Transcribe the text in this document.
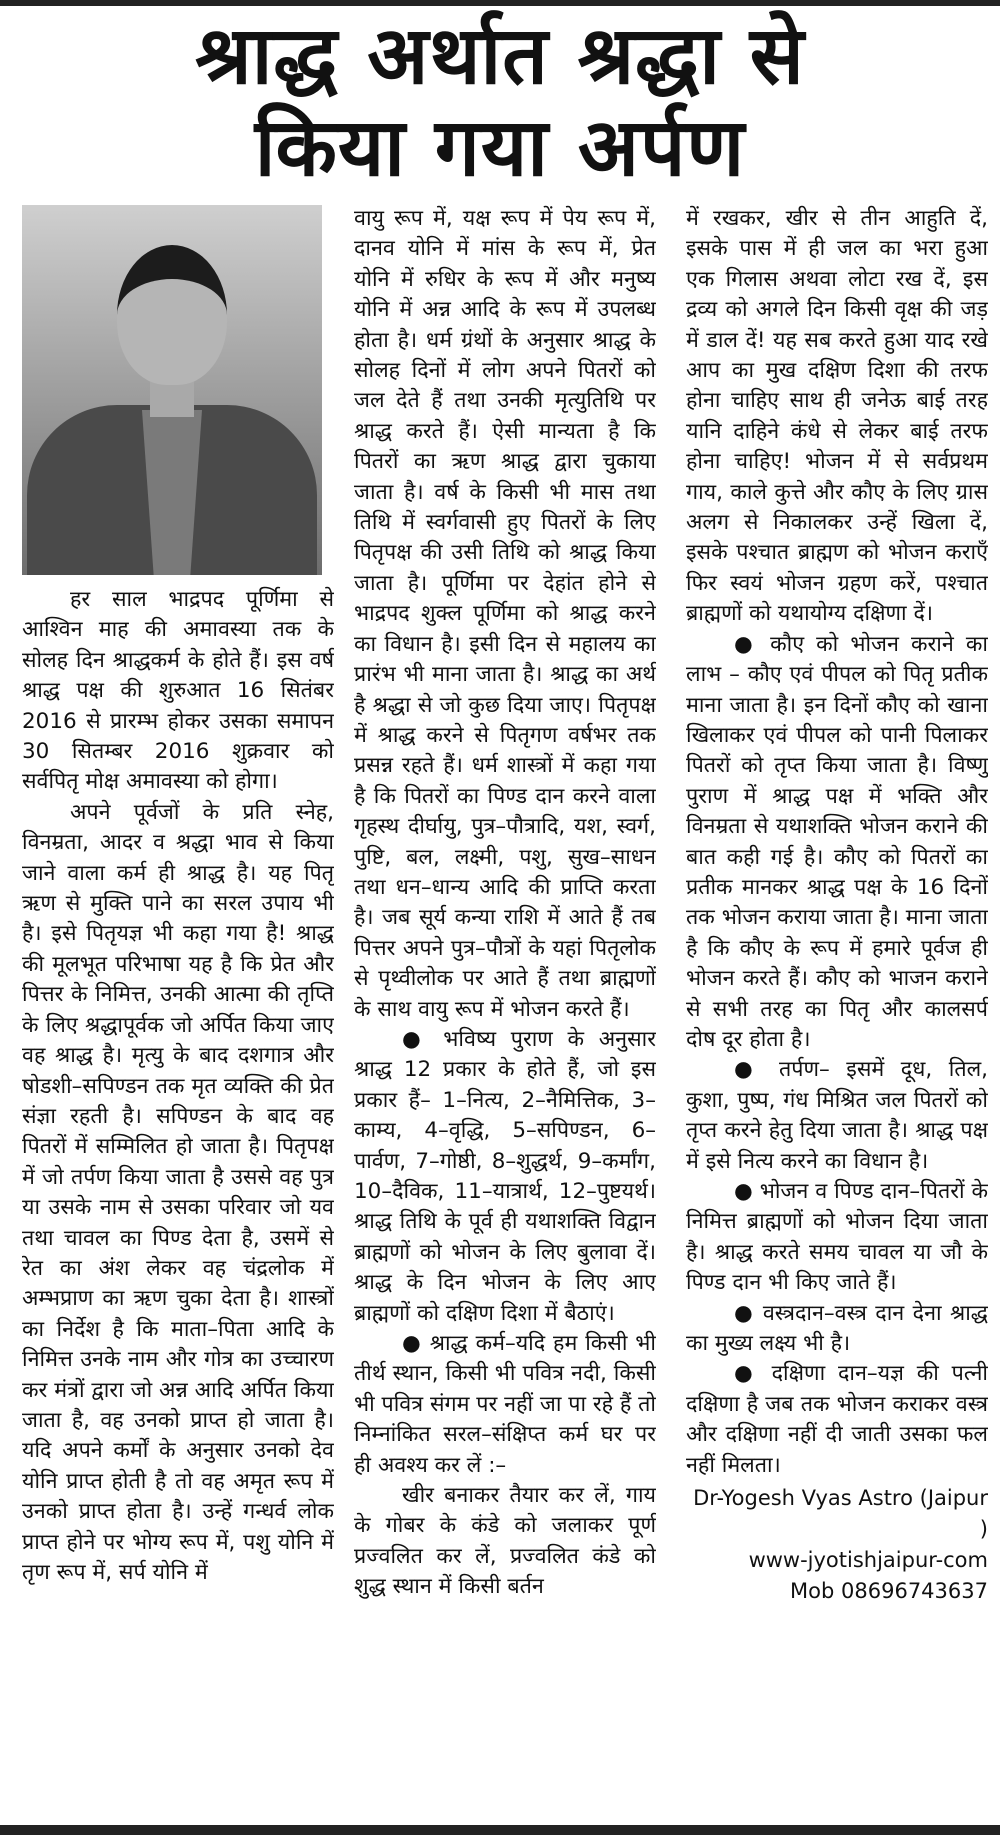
श्राद्ध अर्थात श्रद्धा से
किया गया अर्पण

हर साल भाद्रपद पूर्णिमा से आश्विन माह की अमावस्या तक के सोलह दिन श्राद्धकर्म के होते हैं। इस वर्ष श्राद्ध पक्ष की शुरुआत 16 सितंबर 2016 से प्रारम्भ होकर उसका समापन 30 सितम्बर 2016 शुक्रवार को सर्वपितृ मोक्ष अमावस्या को होगा।

अपने पूर्वजों के प्रति स्नेह, विनम्रता, आदर व श्रद्धा भाव से किया जाने वाला कर्म ही श्राद्ध है। यह पितृ ऋण से मुक्ति पाने का सरल उपाय भी है। इसे पितृयज्ञ भी कहा गया है! श्राद्ध की मूलभूत परिभाषा यह है कि प्रेत और पित्तर के निमित्त, उनकी आत्मा की तृप्ति के लिए श्रद्धापूर्वक जो अर्पित किया जाए वह श्राद्ध है। मृत्यु के बाद दशगात्र और षोडशी–सपिण्डन तक मृत व्यक्ति की प्रेत संज्ञा रहती है। सपिण्डन के बाद वह पितरों में सम्मिलित हो जाता है। पितृपक्ष में जो तर्पण किया जाता है उससे वह पुत्र या उसके नाम से उसका परिवार जो यव तथा चावल का पिण्ड देता है, उसमें से रेत का अंश लेकर वह चंद्रलोक में अम्भप्राण का ऋण चुका देता है। शास्त्रों का निर्देश है कि माता–पिता आदि के निमित्त उनके नाम और गोत्र का उच्चारण कर मंत्रों द्वारा जो अन्न आदि अर्पित किया जाता है, वह उनको प्राप्त हो जाता है। यदि अपने कर्मों के अनुसार उनको देव योनि प्राप्त होती है तो वह अमृत रूप में उनको प्राप्त होता है। उन्हें गन्धर्व लोक प्राप्त होने पर भोग्य रूप में, पशु योनि में तृण रूप में, सर्प योनि में

वायु रूप में, यक्ष रूप में पेय रूप में, दानव योनि में मांस के रूप में, प्रेत योनि में रुधिर के रूप में और मनुष्य योनि में अन्न आदि के रूप में उपलब्ध होता है। धर्म ग्रंथों के अनुसार श्राद्ध के सोलह दिनों में लोग अपने पितरों को जल देते हैं तथा उनकी मृत्युतिथि पर श्राद्ध करते हैं। ऐसी मान्यता है कि पितरों का ऋण श्राद्ध द्वारा चुकाया जाता है। वर्ष के किसी भी मास तथा तिथि में स्वर्गवासी हुए पितरों के लिए पितृपक्ष की उसी तिथि को श्राद्ध किया जाता है। पूर्णिमा पर देहांत होने से भाद्रपद शुक्ल पूर्णिमा को श्राद्ध करने का विधान है। इसी दिन से महालय का प्रारंभ भी माना जाता है। श्राद्ध का अर्थ है श्रद्धा से जो कुछ दिया जाए। पितृपक्ष में श्राद्ध करने से पितृगण वर्षभर तक प्रसन्न रहते हैं। धर्म शास्त्रों में कहा गया है कि पितरों का पिण्ड दान करने वाला गृहस्थ दीर्घायु, पुत्र–पौत्रादि, यश, स्वर्ग, पुष्टि, बल, लक्ष्मी, पशु, सुख–साधन तथा धन–धान्य आदि की प्राप्ति करता है। जब सूर्य कन्या राशि में आते हैं तब पित्तर अपने पुत्र–पौत्रों के यहां पितृलोक से पृथ्वीलोक पर आते हैं तथा ब्राह्मणों के साथ वायु रूप में भोजन करते हैं।

● भविष्य पुराण के अनुसार श्राद्ध 12 प्रकार के होते हैं, जो इस प्रकार हैं– 1–नित्य, 2–नैमित्तिक, 3–काम्य, 4–वृद्धि, 5–सपिण्डन, 6–पार्वण, 7–गोष्ठी, 8–शुद्धर्थ, 9–कर्मांग, 10–दैविक, 11–यात्रार्थ, 12–पुष्टयर्थ। श्राद्ध तिथि के पूर्व ही यथाशक्ति विद्वान ब्राह्मणों को भोजन के लिए बुलावा दें। श्राद्ध के दिन भोजन के लिए आए ब्राह्मणों को दक्षिण दिशा में बैठाएं।

● श्राद्ध कर्म–यदि हम किसी भी तीर्थ स्थान, किसी भी पवित्र नदी, किसी भी पवित्र संगम पर नहीं जा पा रहे हैं तो निम्नांकित सरल–संक्षिप्त कर्म घर पर ही अवश्य कर लें :–

खीर बनाकर तैयार कर लें, गाय के गोबर के कंडे को जलाकर पूर्ण प्रज्वलित कर लें, प्रज्वलित कंडे को शुद्ध स्थान में किसी बर्तन

में रखकर, खीर से तीन आहुति दें, इसके पास में ही जल का भरा हुआ एक गिलास अथवा लोटा रख दें, इस द्रव्य को अगले दिन किसी वृक्ष की जड़ में डाल दें! यह सब करते हुआ याद रखे आप का मुख दक्षिण दिशा की तरफ होना चाहिए साथ ही जनेऊ बाई तरह यानि दाहिने कंधे से लेकर बाई तरफ होना चाहिए! भोजन में से सर्वप्रथम गाय, काले कुत्ते और कौए के लिए ग्रास अलग से निकालकर उन्हें खिला दें, इसके पश्चात ब्राह्मण को भोजन कराएँ फिर स्वयं भोजन ग्रहण करें, पश्चात ब्राह्मणों को यथायोग्य दक्षिणा दें।

● कौए को भोजन कराने का लाभ – कौए एवं पीपल को पितृ प्रतीक माना जाता है। इन दिनों कौए को खाना खिलाकर एवं पीपल को पानी पिलाकर पितरों को तृप्त किया जाता है। विष्णु पुराण में श्राद्ध पक्ष में भक्ति और विनम्रता से यथाशक्ति भोजन कराने की बात कही गई है। कौए को पितरों का प्रतीक मानकर श्राद्ध पक्ष के 16 दिनों तक भोजन कराया जाता है। माना जाता है कि कौए के रूप में हमारे पूर्वज ही भोजन करते हैं। कौए को भाजन कराने से सभी तरह का पितृ और कालसर्प दोष दूर होता है।

● तर्पण– इसमें दूध, तिल, कुशा, पुष्प, गंध मिश्रित जल पितरों को तृप्त करने हेतु दिया जाता है। श्राद्ध पक्ष में इसे नित्य करने का विधान है।

● भोजन व पिण्ड दान–पितरों के निमित्त ब्राह्मणों को भोजन दिया जाता है। श्राद्ध करते समय चावल या जौ के पिण्ड दान भी किए जाते हैं।

● वस्त्रदान–वस्त्र दान देना श्राद्ध का मुख्य लक्ष्य भी है।

● दक्षिणा दान–यज्ञ की पत्नी दक्षिणा है जब तक भोजन कराकर वस्त्र और दक्षिणा नहीं दी जाती उसका फल नहीं मिलता।

Dr-Yogesh Vyas Astro (Jaipur )
www-jyotishjaipur-com
Mob 08696743637
